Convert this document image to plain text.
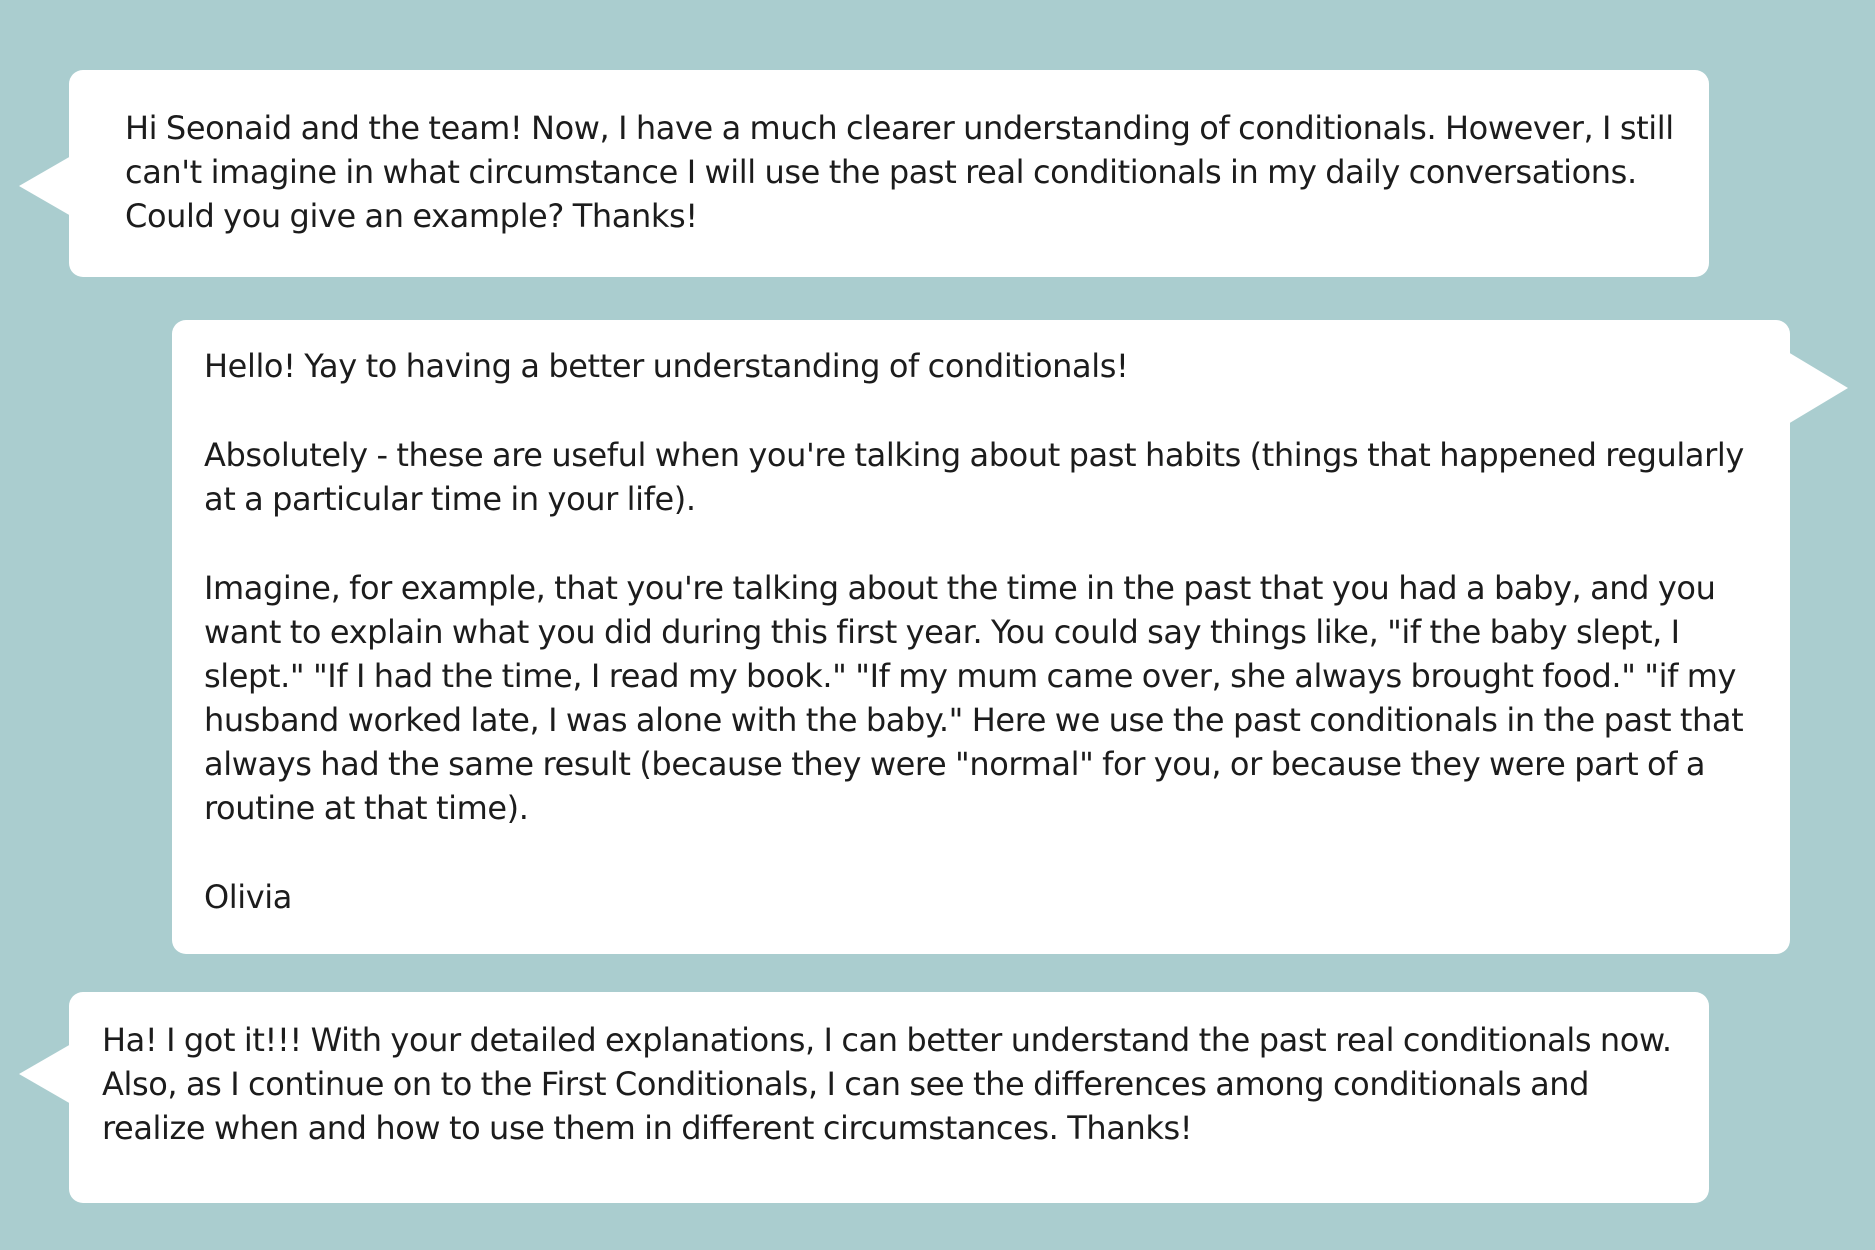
Hi Seonaid and the team! Now, I have a much clearer understanding of conditionals. However, I still can't imagine in what circumstance I will use the past real conditionals in my daily conversations. Could you give an example? Thanks!

Hello! Yay to having a better understanding of conditionals!

Absolutely - these are useful when you're talking about past habits (things that happened regularly at a particular time in your life).

Imagine, for example, that you're talking about the time in the past that you had a baby, and you want to explain what you did during this first year. You could say things like, "if the baby slept, I slept." "If I had the time, I read my book." "If my mum came over, she always brought food." "if my husband worked late, I was alone with the baby." Here we use the past conditionals in the past that always had the same result (because they were "normal" for you, or because they were part of a routine at that time).

Olivia

Ha! I got it!!! With your detailed explanations, I can better understand the past real conditionals now. Also, as I continue on to the First Conditionals, I can see the differences among conditionals and realize when and how to use them in different circumstances. Thanks!
